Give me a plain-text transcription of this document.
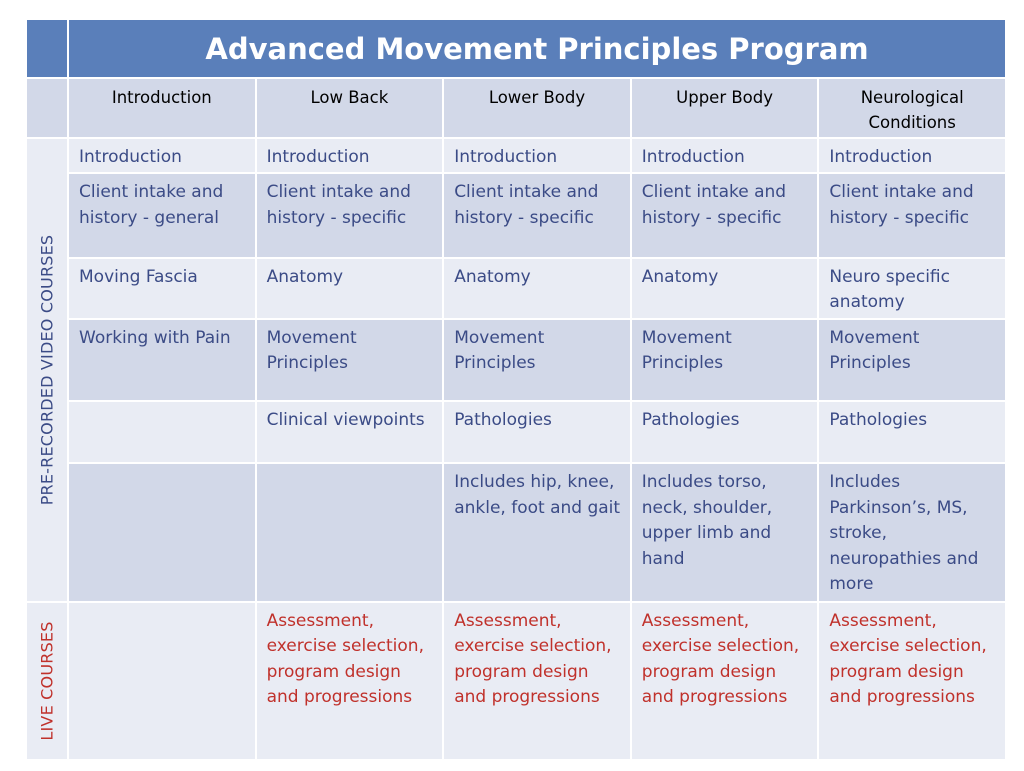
	Advanced Movement Principles Program				
	Introduction	Low Back	Lower Body	Upper Body	Neurological Conditions

PRE-RECORDED VIDEO COURSES	Introduction	Introduction	Introduction	Introduction	Introduction
	Client intake and history - general	Client intake and history - specific	Client intake and history - specific	Client intake and history - specific	Client intake and history - specific
	Moving Fascia	Anatomy	Anatomy	Anatomy	Neuro specific anatomy
	Working with Pain	Movement Principles	Movement Principles	Movement Principles	Movement Principles
		Clinical viewpoints	Pathologies	Pathologies	Pathologies
			Includes hip, knee, ankle, foot and gait	Includes torso, neck, shoulder, upper limb and hand	Includes Parkinson’s, MS, stroke, neuropathies and more

LIVE COURSES		Assessment, exercise selection, program design and progressions	Assessment, exercise selection, program design and progressions	Assessment, exercise selection, program design and progressions	Assessment, exercise selection, program design and progressions
